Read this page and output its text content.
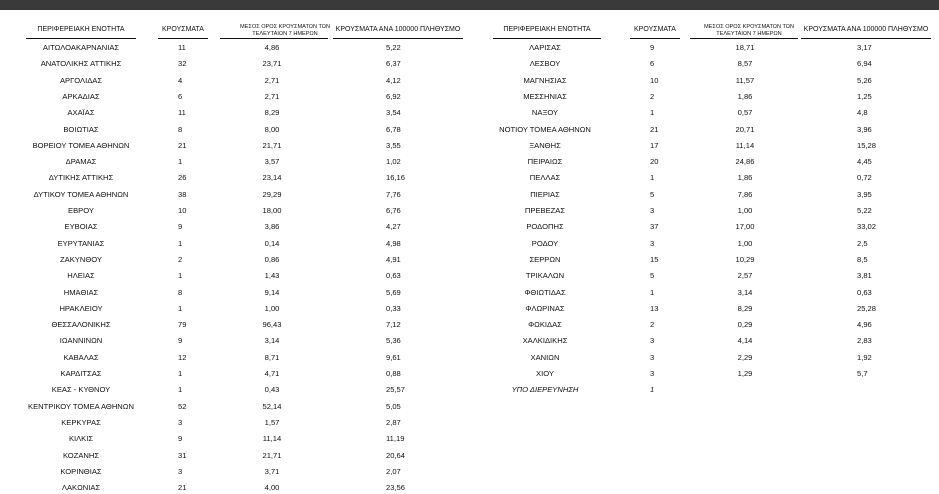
ΠΕΡΙΦΕΡΕΙΑΚΗ ΕΝΟΤΗΤΑ	ΚΡΟΥΣΜΑΤΑ	ΜΕΣΟΣ ΟΡΟΣ ΚΡΟΥΣΜΑΤΩΝ ΤΩΝ
ΤΕΛΕΥΤΑΙΩΝ 7 ΗΜΕΡΩΝ
ΚΡΟΥΣΜΑΤΑ ΑΝΑ 100000 ΠΛΗΘΥΣΜΟ	ΠΕΡΙΦΕΡΕΙΑΚΗ ΕΝΟΤΗΤΑ	ΚΡΟΥΣΜΑΤΑ	ΜΕΣΟΣ ΟΡΟΣ ΚΡΟΥΣΜΑΤΩΝ ΤΩΝ
ΤΕΛΕΥΤΑΙΩΝ 7 ΗΜΕΡΩΝ
ΚΡΟΥΣΜΑΤΑ ΑΝΑ 100000 ΠΛΗΘΥΣΜΟ
ΑΙΤΩΛΟΑΚΑΡΝΑΝΙΑΣ	11	4,86	5,22
ΑΝΑΤΟΛΙΚΗΣ ΑΤΤΙΚΗΣ	32	23,71	6,37
ΑΡΓΟΛΙΔΑΣ	4	2,71	4,12
ΑΡΚΑΔΙΑΣ	6	2,71	6,92
ΑΧΑΪΑΣ	11	8,29	3,54
ΒΟΙΩΤΙΑΣ	8	8,00	6,78
ΒΟΡΕΙΟΥ ΤΟΜΕΑ ΑΘΗΝΩΝ	21	21,71	3,55
ΔΡΑΜΑΣ	1	3,57	1,02
ΔΥΤΙΚΗΣ ΑΤΤΙΚΗΣ	26	23,14	16,16
ΔΥΤΙΚΟΥ ΤΟΜΕΑ ΑΘΗΝΩΝ	38	29,29	7,76
ΕΒΡΟΥ	10	18,00	6,76
ΕΥΒΟΙΑΣ	9	3,86	4,27
ΕΥΡΥΤΑΝΙΑΣ	1	0,14	4,98
ΖΑΚΥΝΘΟΥ	2	0,86	4,91
ΗΛΕΙΑΣ	1	1,43	0,63
ΗΜΑΘΙΑΣ	8	9,14	5,69
ΗΡΑΚΛΕΙΟΥ	1	1,00	0,33
ΘΕΣΣΑΛΟΝΙΚΗΣ	79	96,43	7,12
ΙΩΑΝΝΙΝΩΝ	9	3,14	5,36
ΚΑΒΑΛΑΣ	12	8,71	9,61
ΚΑΡΔΙΤΣΑΣ	1	4,71	0,88
ΚΕΑΣ - ΚΥΘΝΟΥ	1	0,43	25,57
ΚΕΝΤΡΙΚΟΥ ΤΟΜΕΑ ΑΘΗΝΩΝ	52	52,14	5,05
ΚΕΡΚΥΡΑΣ	3	1,57	2,87
ΚΙΛΚΙΣ	9	11,14	11,19
ΚΟΖΑΝΗΣ	31	21,71	20,64
ΚΟΡΙΝΘΙΑΣ	3	3,71	2,07
ΛΑΚΩΝΙΑΣ	21	4,00	23,56
ΛΑΡΙΣΑΣ	9	18,71	3,17
ΛΕΣΒΟΥ	6	8,57	6,94
ΜΑΓΝΗΣΙΑΣ	10	11,57	5,26
ΜΕΣΣΗΝΙΑΣ	2	1,86	1,25
ΝΑΞΟΥ	1	0,57	4,8
ΝΟΤΙΟΥ ΤΟΜΕΑ ΑΘΗΝΩΝ	21	20,71	3,96
ΞΑΝΘΗΣ	17	11,14	15,28
ΠΕΙΡΑΙΩΣ	20	24,86	4,45
ΠΕΛΛΑΣ	1	1,86	0,72
ΠΙΕΡΙΑΣ	5	7,86	3,95
ΠΡΕΒΕΖΑΣ	3	1,00	5,22
ΡΟΔΟΠΗΣ	37	17,00	33,02
ΡΟΔΟΥ	3	1,00	2,5
ΣΕΡΡΩΝ	15	10,29	8,5
ΤΡΙΚΑΛΩΝ	5	2,57	3,81
ΦΘΙΩΤΙΔΑΣ	1	3,14	0,63
ΦΛΩΡΙΝΑΣ	13	8,29	25,28
ΦΩΚΙΔΑΣ	2	0,29	4,96
ΧΑΛΚΙΔΙΚΗΣ	3	4,14	2,83
ΧΑΝΙΩΝ	3	2,29	1,92
ΧΙΟΥ	3	1,29	5,7
ΥΠΟ ΔΙΕΡΕΥΝΗΣΗ	1
